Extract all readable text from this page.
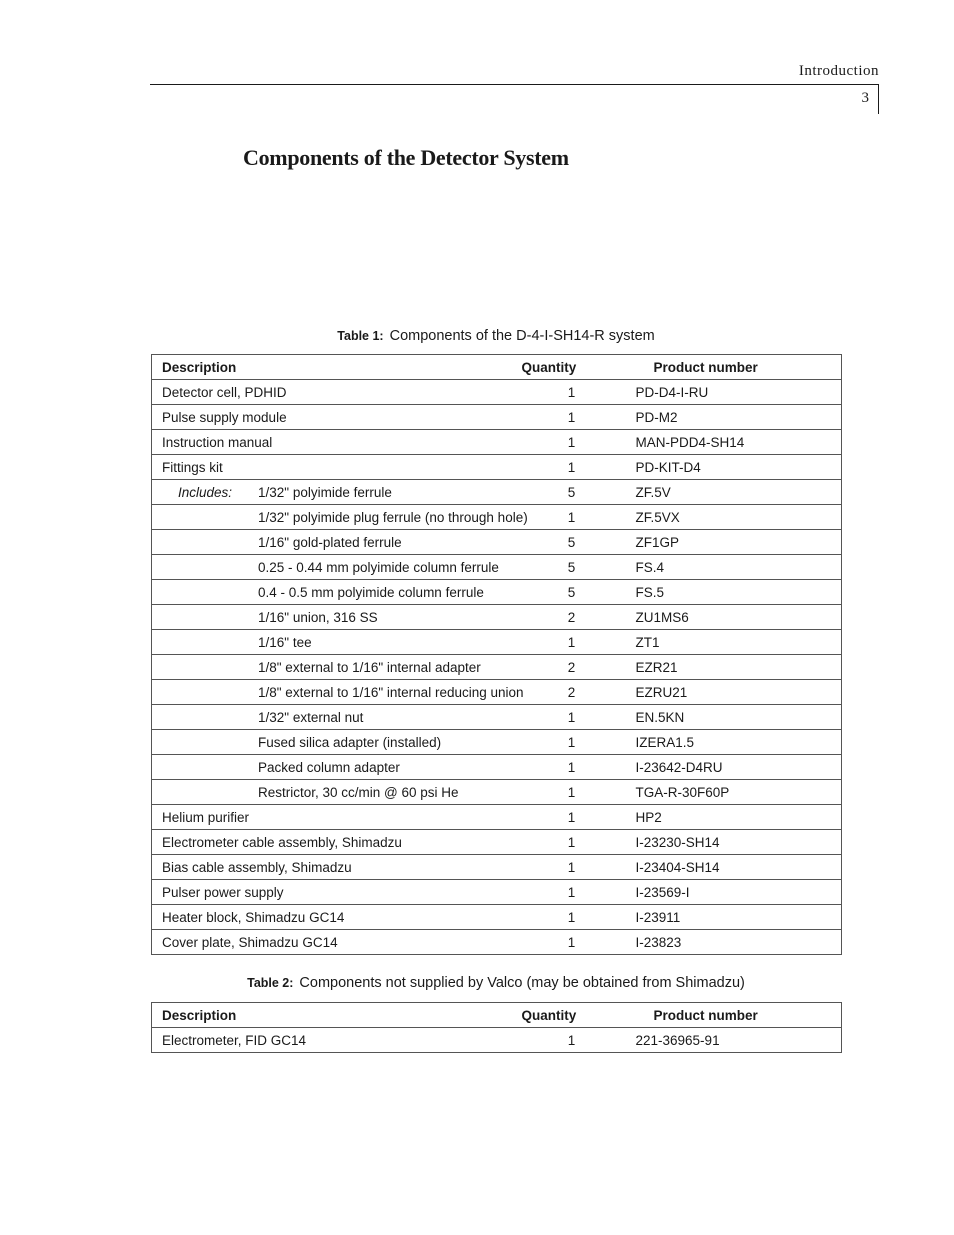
Introduction
3
Components of the Detector System
Table 1: Components of the D-4-I-SH14-R system
Description	Quantity	Product number
Detector cell, PDHID	1	PD-D4-I-RU
Pulse supply module	1	PD-M2
Instruction manual	1	MAN-PDD4-SH14
Fittings kit	1	PD-KIT-D4
Includes: 1/32" polyimide ferrule	5	ZF.5V
1/32" polyimide plug ferrule (no through hole)	1	ZF.5VX
1/16" gold-plated ferrule	5	ZF1GP
0.25 - 0.44 mm polyimide column ferrule	5	FS.4
0.4 - 0.5 mm polyimide column ferrule	5	FS.5
1/16" union, 316 SS	2	ZU1MS6
1/16" tee	1	ZT1
1/8" external to 1/16" internal adapter	2	EZR21
1/8" external to 1/16" internal reducing union	2	EZRU21
1/32" external nut	1	EN.5KN
Fused silica adapter (installed)	1	IZERA1.5
Packed column adapter	1	I-23642-D4RU
Restrictor, 30 cc/min @ 60 psi He	1	TGA-R-30F60P
Helium purifier	1	HP2
Electrometer cable assembly, Shimadzu	1	I-23230-SH14
Bias cable assembly, Shimadzu	1	I-23404-SH14
Pulser power supply	1	I-23569-I
Heater block, Shimadzu GC14	1	I-23911
Cover plate, Shimadzu GC14	1	I-23823
Table 2: Components not supplied by Valco (may be obtained from Shimadzu)
Description	Quantity	Product number
Electrometer, FID GC14	1	221-36965-91
